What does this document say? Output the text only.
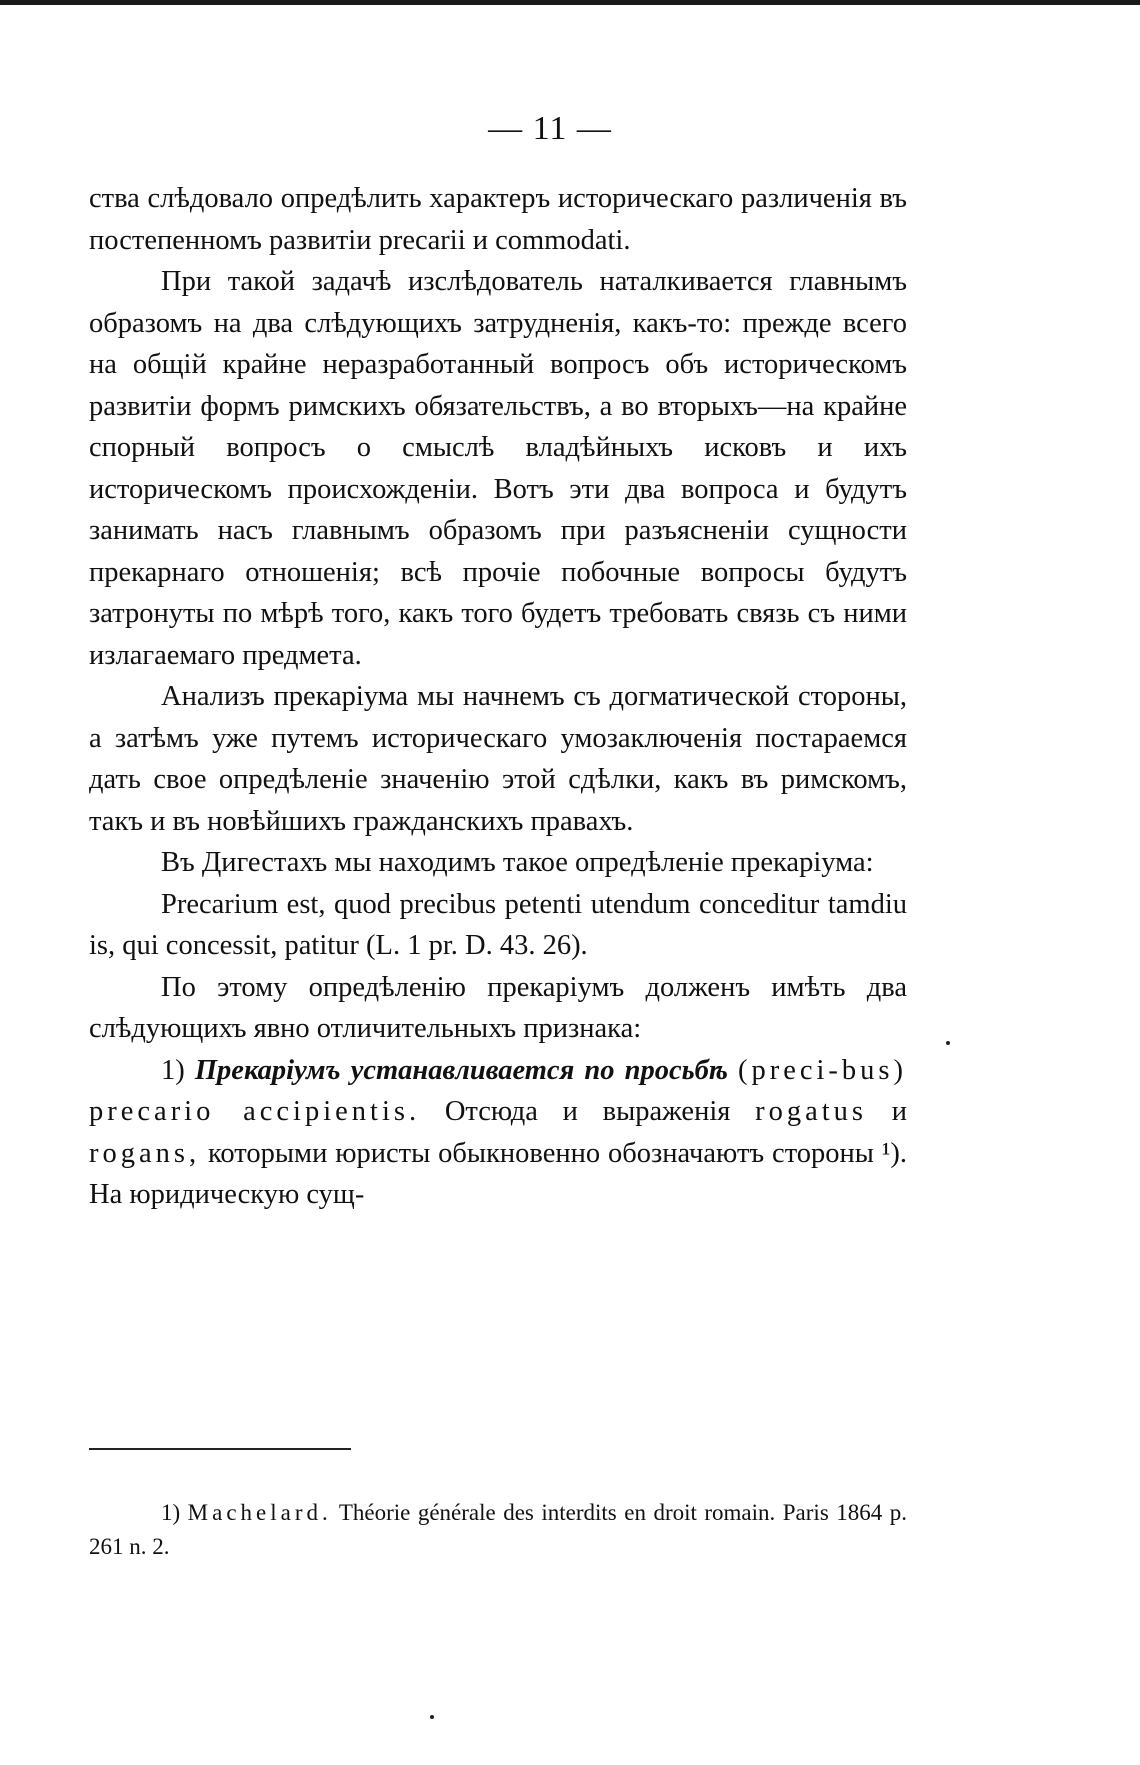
— 11 —

ства слѣдовало опредѣлить характеръ историческаго различенія въ постепенномъ развитіи precarii и commodati.

При такой задачѣ изслѣдователь наталкивается главнымъ образомъ на два слѣдующихъ затрудненія, какъ-то: прежде всего на общій крайне неразработанный вопросъ объ историческомъ развитіи формъ римскихъ обязательствъ, а во вторыхъ—на крайне спорный вопросъ о смыслѣ владѣйныхъ исковъ и ихъ историческомъ происхожденіи. Вотъ эти два вопроса и будутъ занимать насъ главнымъ образомъ при разъясненіи сущности прекарнаго отношенія; всѣ прочіе побочные вопросы будутъ затронуты по мѣрѣ того, какъ того будетъ требовать связь съ ними излагаемаго предмета.

Анализъ прекаріума мы начнемъ съ догматической стороны, а затѣмъ уже путемъ историческаго умозаключенія постараемся дать свое опредѣленіе значенію этой сдѣлки, какъ въ римскомъ, такъ и въ новѣйшихъ гражданскихъ правахъ.

Въ Дигестахъ мы находимъ такое опредѣленіе прекаріума:

Precarium est, quod precibus petenti utendum conceditur tamdiu is, qui concessit, patitur (L. 1 pr. D. 43. 26).

По этому опредѣленію прекаріумъ долженъ имѣть два слѣдующихъ явно отличительныхъ признака:

1) Прекаріумъ устанавливается по просьбѣ (preci-bus) precario accipientis. Отсюда и выраженія rogatus и rogans, которыми юристы обыкновенно обозначаютъ стороны ¹). На юридическую сущ-

1) Machelard. Théorie générale des interdits en droit romain. Paris 1864 p. 261 n. 2.
